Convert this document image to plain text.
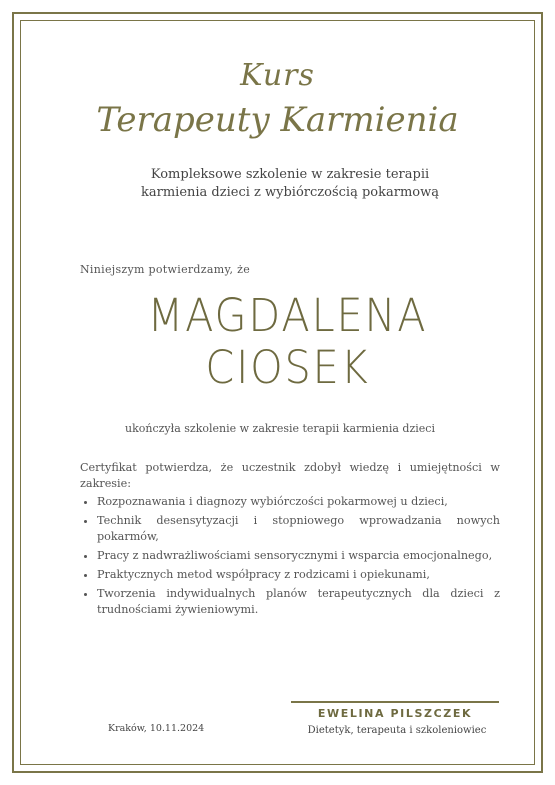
Kurs
Terapeuty Karmienia
Kompleksowe szkolenie w zakresie terapii karmienia dzieci z wybiórczością pokarmową
Niniejszym potwierdzamy, że
MAGDALENA
CIOSEK
ukończyła szkolenie w zakresie terapii karmienia dzieci
Certyfikat potwierdza, że uczestnik zdobył wiedzę i umiejętności w zakresie:
• Rozpoznawania i diagnozy wybiórczości pokarmowej u dzieci,
• Technik desensytyzacji i stopniowego wprowadzania nowych pokarmów,
• Pracy z nadwrażliwościami sensorycznymi i wsparcia emocjonalnego,
• Praktycznych metod współpracy z rodzicami i opiekunami,
• Tworzenia indywidualnych planów terapeutycznych dla dzieci z trudnościami żywieniowymi.
Kraków, 10.11.2024
EWELINA PILSZCZEK
Dietetyk, terapeuta i szkoleniowiec
